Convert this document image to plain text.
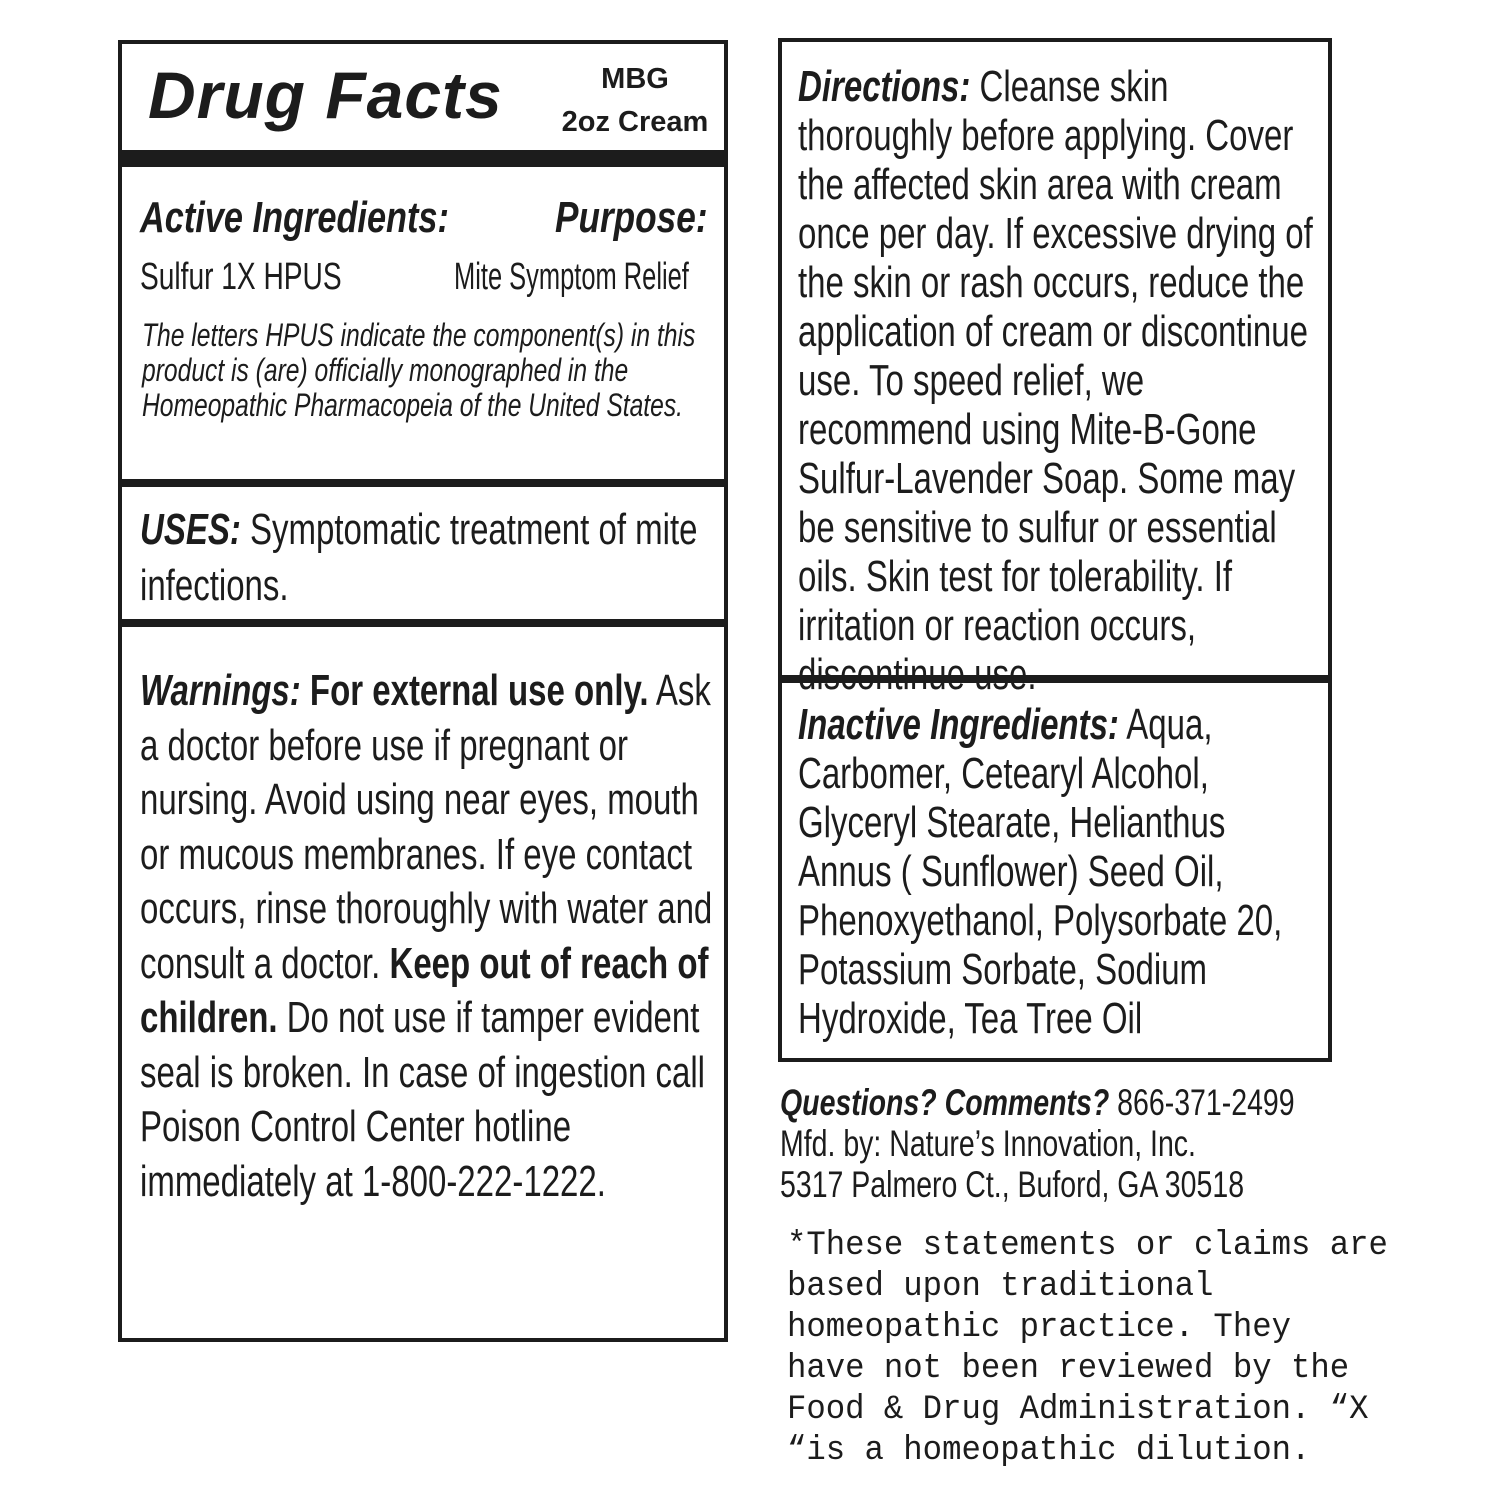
Drug Facts	MBG
2oz Cream
Active Ingredients: Purpose:
Sulfur 1X HPUS	Mite Symptom Relief
The letters HPUS indicate the component(s) in this product is (are) officially monographed in the Homeopathic Pharmacopeia of the United States.
USES: Symptomatic treatment of mite infections.
Warnings: For external use only. Ask a doctor before use if pregnant or nursing. Avoid using near eyes, mouth or mucous membranes. If eye contact occurs, rinse thoroughly with water and consult a doctor. Keep out of reach of children. Do not use if tamper evident seal is broken. In case of ingestion call Poison Control Center hotline immediately at 1-800-222-1222.
Directions: Cleanse skin thoroughly before applying. Cover the affected skin area with cream once per day. If excessive drying of the skin or rash occurs, reduce the application of cream or discontinue use. To speed relief, we recommend using Mite-B-Gone Sulfur-Lavender Soap. Some may be sensitive to sulfur or essential oils. Skin test for tolerability. If irritation or reaction occurs, discontinue use.
Inactive Ingredients: Aqua, Carbomer, Cetearyl Alcohol, Glyceryl Stearate, Helianthus Annus ( Sunflower) Seed Oil, Phenoxyethanol, Polysorbate 20, Potassium Sorbate, Sodium Hydroxide, Tea Tree Oil
Questions? Comments? 866-371-2499
Mfd. by: Nature’s Innovation, Inc.
5317 Palmero Ct., Buford, GA 30518
*These statements or claims are
based upon traditional
homeopathic practice. They
have not been reviewed by the
Food & Drug Administration. “X
“is a homeopathic dilution.
